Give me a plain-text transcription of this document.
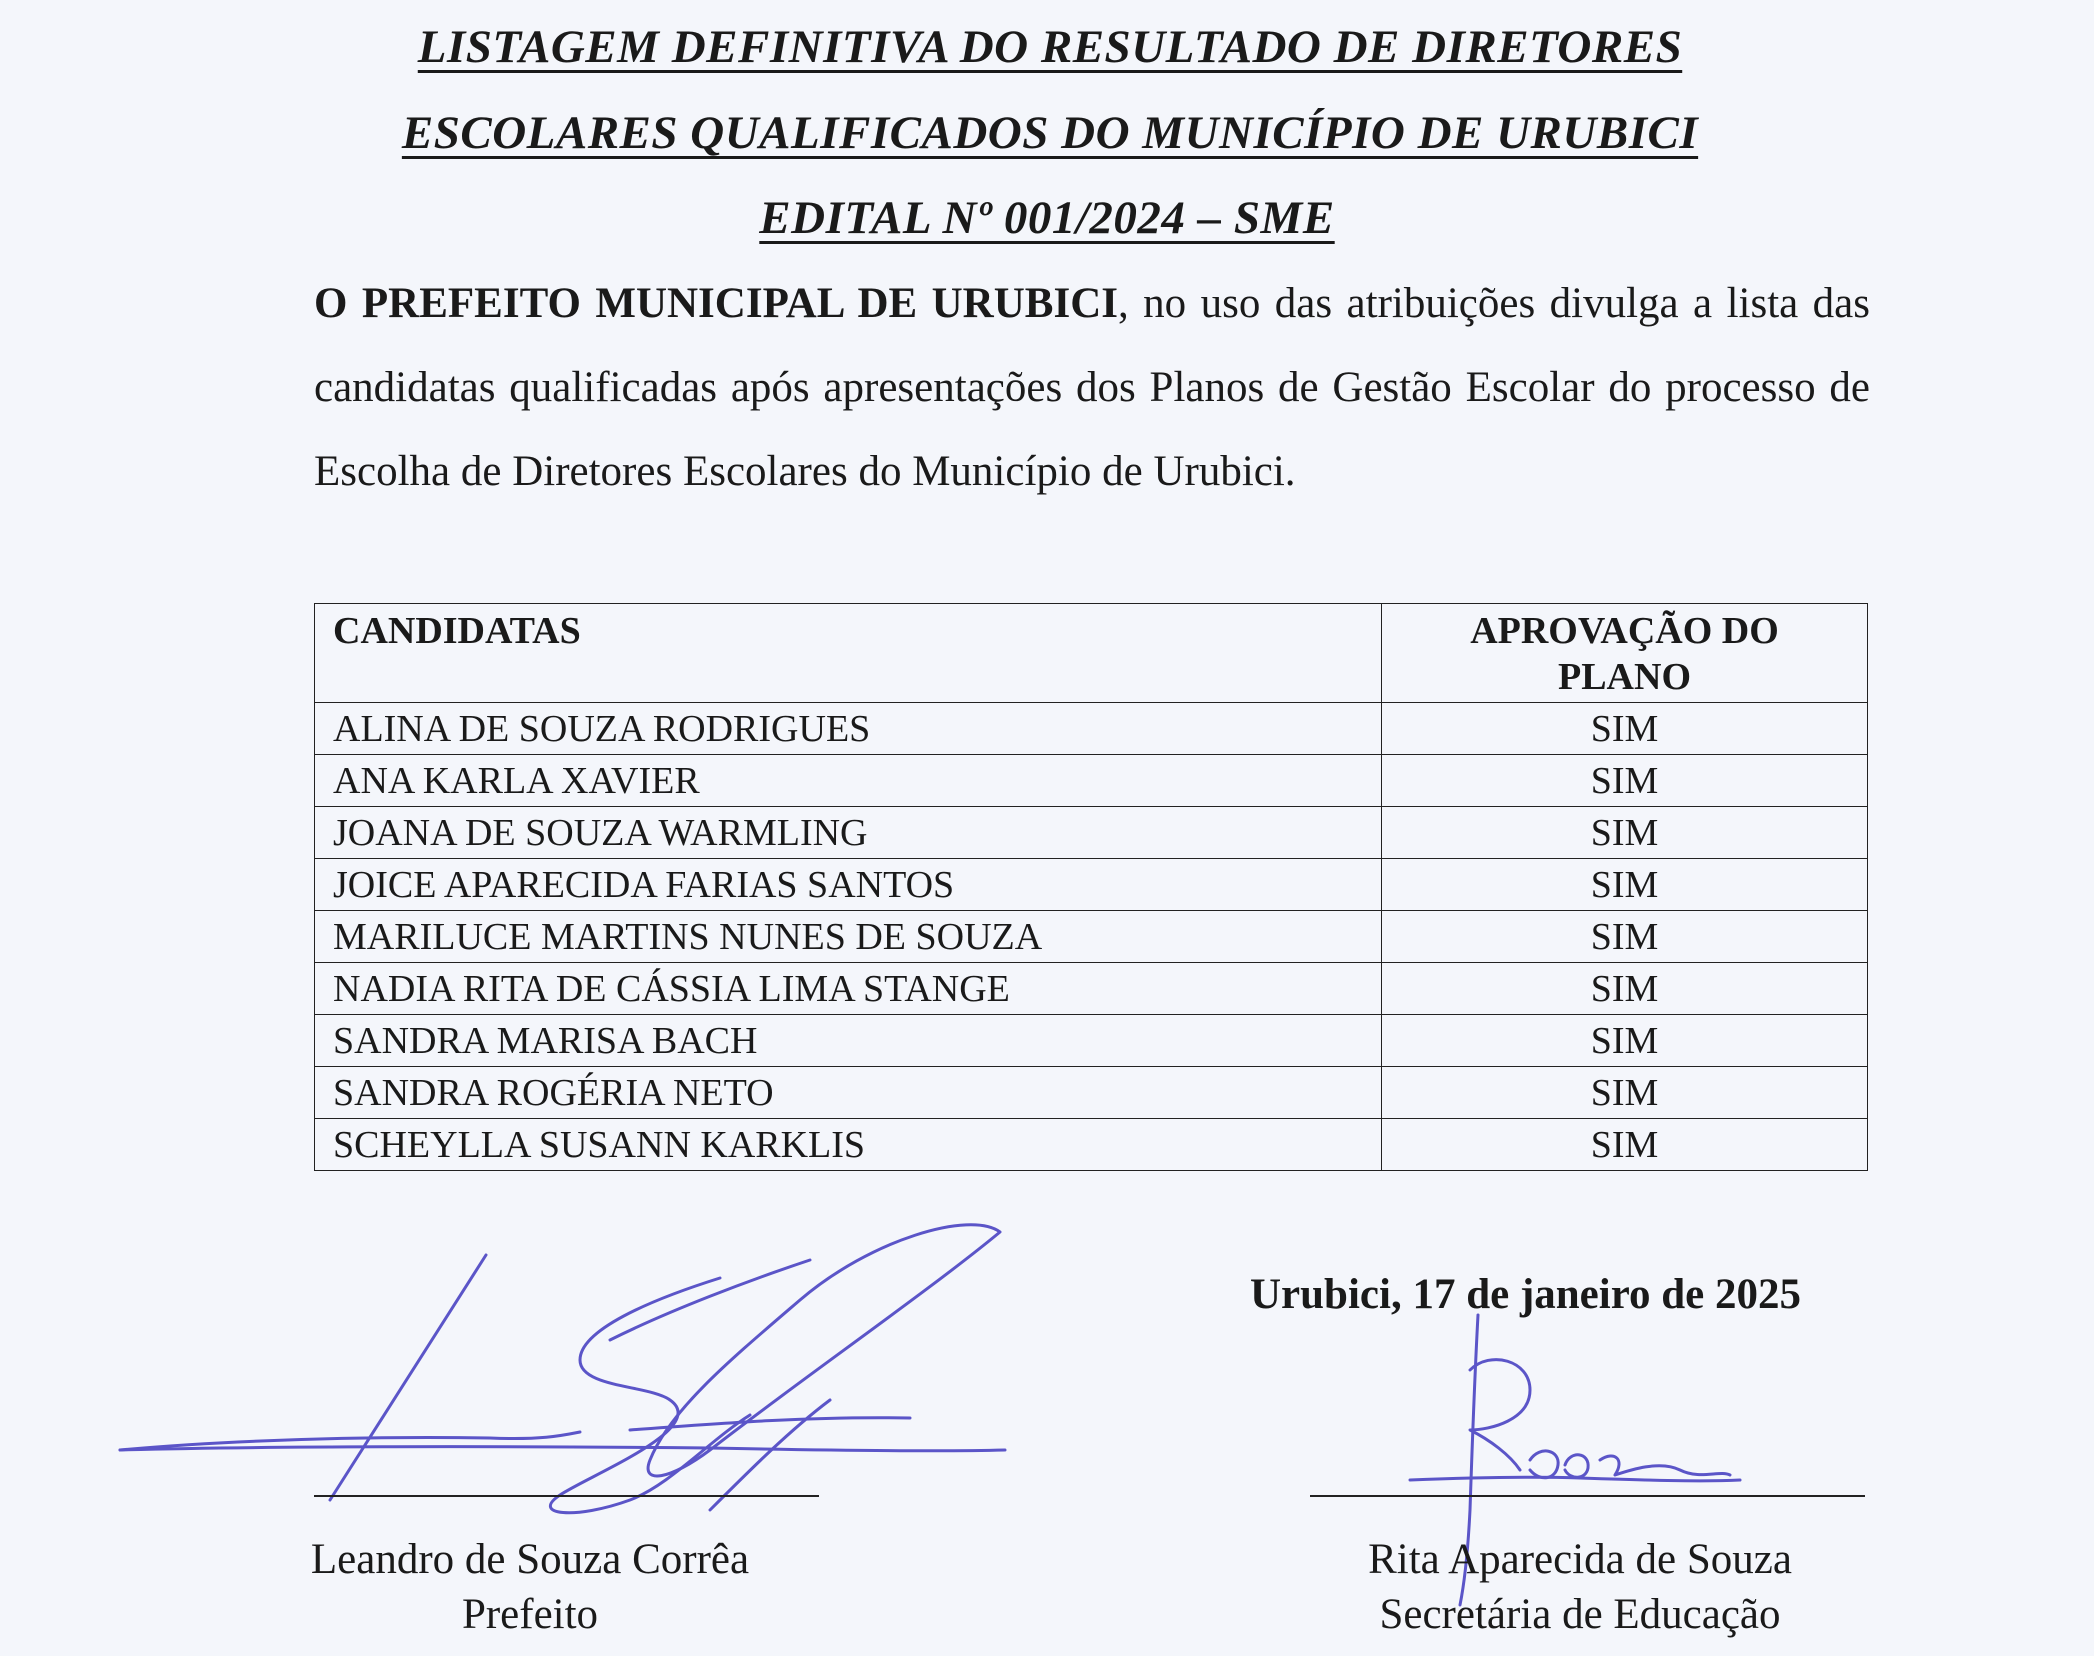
LISTAGEM DEFINITIVA DO RESULTADO DE DIRETORES
ESCOLARES QUALIFICADOS DO MUNICÍPIO DE URUBICI
EDITAL Nº 001/2024 – SME
O PREFEITO MUNICIPAL DE URUBICI, no uso das atribuições divulga a lista das candidatas qualificadas após apresentações dos Planos de Gestão Escolar do processo de Escolha de Diretores Escolares do Município de Urubici.
CANDIDATAS	APROVAÇÃO DO PLANO
ALINA DE SOUZA RODRIGUES	SIM
ANA KARLA XAVIER	SIM
JOANA DE SOUZA WARMLING	SIM
JOICE APARECIDA FARIAS SANTOS	SIM
MARILUCE MARTINS NUNES DE SOUZA	SIM
NADIA RITA DE CÁSSIA LIMA STANGE	SIM
SANDRA MARISA BACH	SIM
SANDRA ROGÉRIA NETO	SIM
SCHEYLLA SUSANN KARKLIS	SIM
Urubici, 17 de janeiro de 2025
Leandro de Souza Corrêa
Prefeito
Rita Aparecida de Souza
Secretária de Educação
